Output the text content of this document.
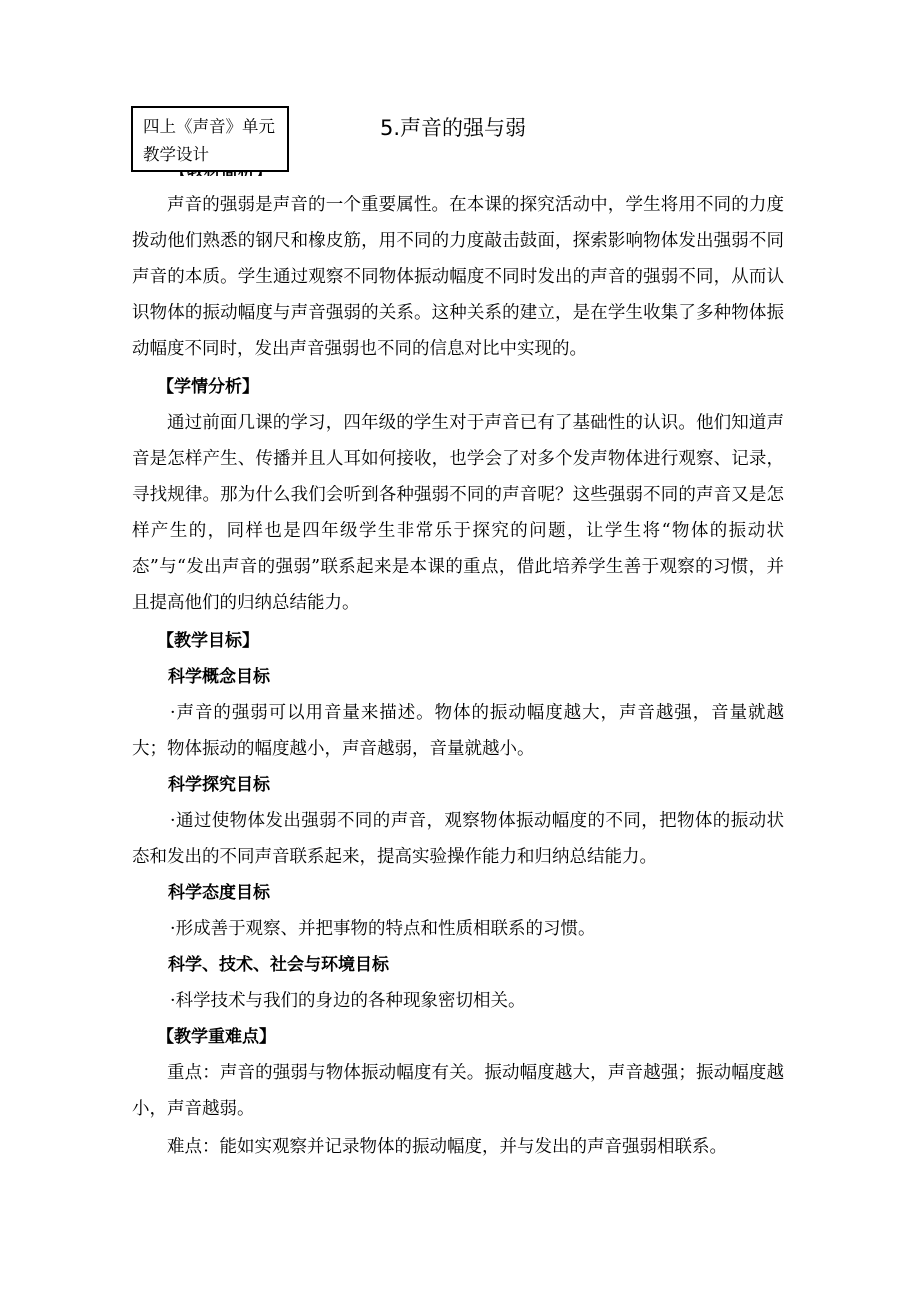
四上《声音》单元
教学设计
5.声音的强与弱

声音的强弱是声音的一个重要属性。在本课的探究活动中，学生将用不同的力度拨动他们熟悉的钢尺和橡皮筋，用不同的力度敲击鼓面，探索影响物体发出强弱不同声音的本质。学生通过观察不同物体振动幅度不同时发出的声音的强弱不同，从而认识物体的振动幅度与声音强弱的关系。这种关系的建立，是在学生收集了多种物体振动幅度不同时，发出声音强弱也不同的信息对比中实现的。

【学情分析】

通过前面几课的学习，四年级的学生对于声音已有了基础性的认识。他们知道声音是怎样产生、传播并且人耳如何接收，也学会了对多个发声物体进行观察、记录，寻找规律。那为什么我们会听到各种强弱不同的声音呢？这些强弱不同的声音又是怎样产生的，同样也是四年级学生非常乐于探究的问题，让学生将“物体的振动状态”与“发出声音的强弱”联系起来是本课的重点，借此培养学生善于观察的习惯，并且提高他们的归纳总结能力。

【教学目标】

科学概念目标

·声音的强弱可以用音量来描述。物体的振动幅度越大，声音越强，音量就越大；物体振动的幅度越小，声音越弱，音量就越小。

科学探究目标

·通过使物体发出强弱不同的声音，观察物体振动幅度的不同，把物体的振动状态和发出的不同声音联系起来，提高实验操作能力和归纳总结能力。

科学态度目标

·形成善于观察、并把事物的特点和性质相联系的习惯。

科学、技术、社会与环境目标

·科学技术与我们的身边的各种现象密切相关。

【教学重难点】

重点：声音的强弱与物体振动幅度有关。振动幅度越大，声音越强；振动幅度越小，声音越弱。

难点：能如实观察并记录物体的振动幅度，并与发出的声音强弱相联系。
